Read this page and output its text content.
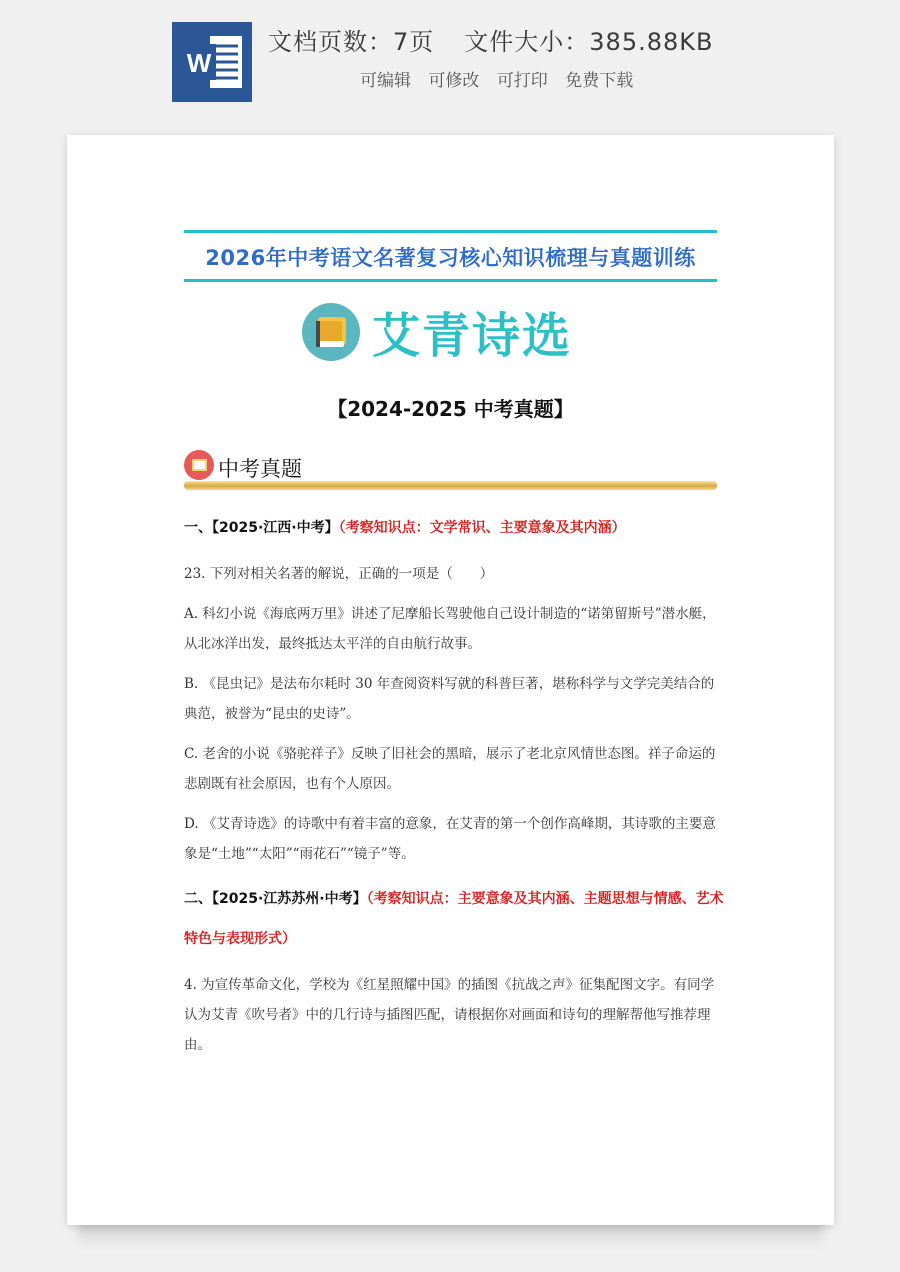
W
文档页数：7页 文件大小：385.88KB
可编辑 可修改 可打印 免费下载
2026年中考语文名著复习核心知识梳理与真题训练
艾青诗选
【2024-2025 中考真题】
中考真题
一、【2025·江西·中考】（考察知识点：文学常识、主要意象及其内涵）
23. 下列对相关名著的解说，正确的一项是（　　）
A. 科幻小说《海底两万里》讲述了尼摩船长驾驶他自己设计制造的“诺第留斯号”潜水艇，从北冰洋出发，最终抵达太平洋的自由航行故事。
B. 《昆虫记》是法布尔耗时 30 年查阅资料写就的科普巨著，堪称科学与文学完美结合的典范，被誉为“昆虫的史诗”。
C. 老舍的小说《骆驼祥子》反映了旧社会的黑暗，展示了老北京风情世态图。祥子命运的悲剧既有社会原因，也有个人原因。
D. 《艾青诗选》的诗歌中有着丰富的意象，在艾青的第一个创作高峰期，其诗歌的主要意象是“土地”“太阳”“雨花石”“镜子”等。
二、【2025·江苏苏州·中考】（考察知识点：主要意象及其内涵、主题思想与情感、艺术特色与表现形式）
4. 为宣传革命文化，学校为《红星照耀中国》的插图《抗战之声》征集配图文字。有同学认为艾青《吹号者》中的几行诗与插图匹配，请根据你对画面和诗句的理解帮他写推荐理由。
